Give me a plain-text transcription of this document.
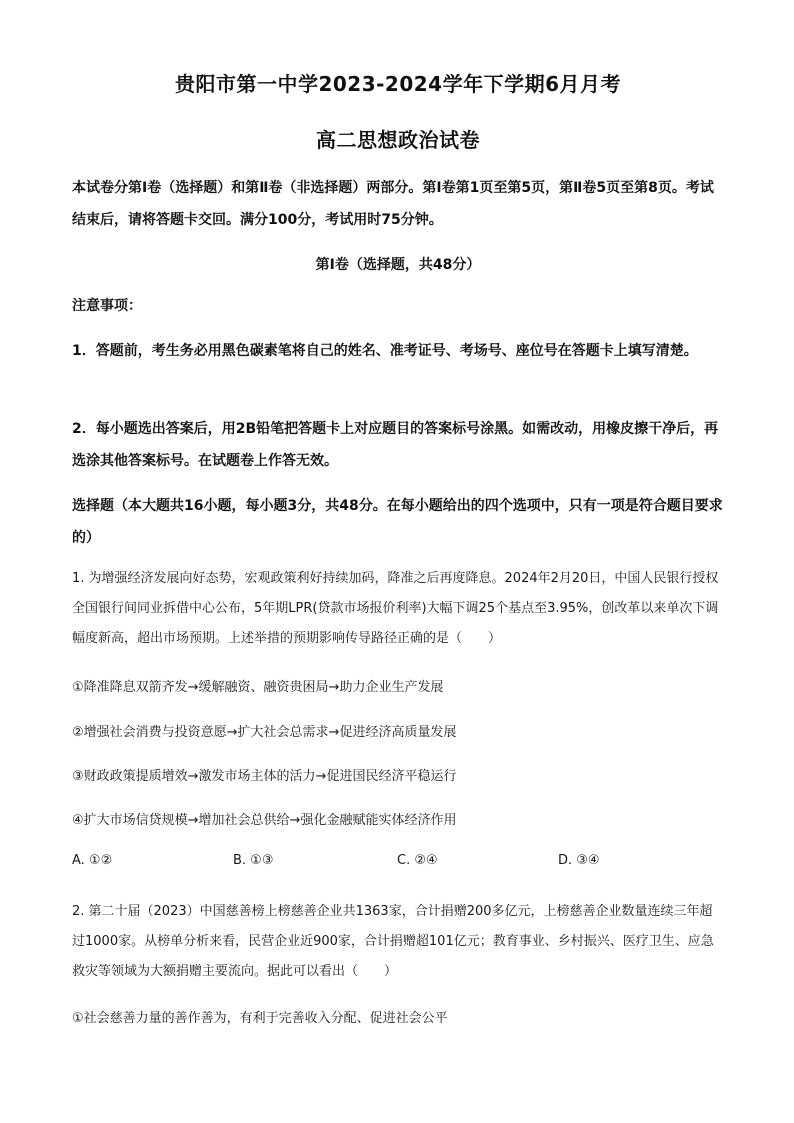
贵阳市第一中学2023-2024学年下学期6月月考
高二思想政治试卷
本试卷分第Ⅰ卷（选择题）和第Ⅱ卷（非选择题）两部分。第Ⅰ卷第1页至第5页，第Ⅱ卷5页至第8页。考试结束后，请将答题卡交回。满分100分，考试用时75分钟。
第Ⅰ卷（选择题，共48分）
注意事项：
1．答题前，考生务必用黑色碳素笔将自己的姓名、准考证号、考场号、座位号在答题卡上填写清楚。
2．每小题选出答案后，用2B铅笔把答题卡上对应题目的答案标号涂黑。如需改动，用橡皮擦干净后，再选涂其他答案标号。在试题卷上作答无效。
选择题（本大题共16小题，每小题3分，共48分。在每小题给出的四个选项中，只有一项是符合题目要求的）
1. 为增强经济发展向好态势，宏观政策利好持续加码，降准之后再度降息。2024年2月20日，中国人民银行授权全国银行间同业拆借中心公布，5年期LPR(贷款市场报价利率)大幅下调25个基点至3.95%，创改革以来单次下调幅度新高，超出市场预期。上述举措的预期影响传导路径正确的是（　　）
①降准降息双箭齐发→缓解融资、融资贵困局→助力企业生产发展
②增强社会消费与投资意愿→扩大社会总需求→促进经济高质量发展
③财政政策提质增效→激发市场主体的活力→促进国民经济平稳运行
④扩大市场信贷规模→增加社会总供给→强化金融赋能实体经济作用
A. ①②	B. ①③	C. ②④	D. ③④
2. 第二十届（2023）中国慈善榜上榜慈善企业共1363家，合计捐赠200多亿元，上榜慈善企业数量连续三年超过1000家。从榜单分析来看，民营企业近900家，合计捐赠超101亿元；教育事业、乡村振兴、医疗卫生、应急救灾等领域为大额捐赠主要流向。据此可以看出（　　）
①社会慈善力量的善作善为，有利于完善收入分配、促进社会公平
